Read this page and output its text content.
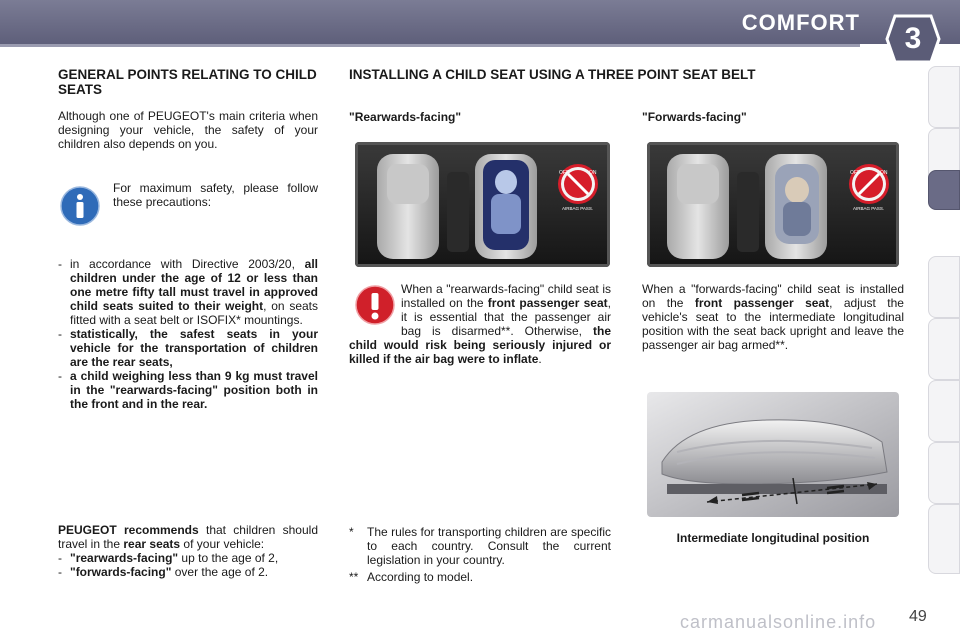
COMFORT	3
GENERAL POINTS RELATING TO CHILD SEATS
Although one of PEUGEOT's main criteria when designing your vehicle, the safety of your children also depends on you.
For maximum safety, please follow these precautions:
- in accordance with Directive 2003/20, all children under the age of 12 or less than one metre fifty tall must travel in approved child seats suited to their weight, on seats fitted with a seat belt or ISOFIX* mountings.
- statistically, the safest seats in your vehicle for the transportation of children are the rear seats,
- a child weighing less than 9 kg must travel in the "rearwards-facing" position both in the front and in the rear.
PEUGEOT recommends that children should travel in the rear seats of your vehicle:
- "rearwards-facing" up to the age of 2,
- "forwards-facing" over the age of 2.
INSTALLING A CHILD SEAT USING A THREE POINT SEAT BELT
"Rearwards-facing"	"Forwards-facing"
OFF	ON
AIRBAG PASS.
OFF	ON
AIRBAG PASS.
When a "rearwards-facing" child seat is installed on the front passenger seat, it is essential that the passenger air bag is disarmed**. Otherwise, the child would risk being seriously injured or killed if the air bag were to inflate.
When a "forwards-facing" child seat is installed on the front passenger seat, adjust the vehicle's seat to the intermediate longitudinal position with the seat back upright and leave the passenger air bag armed**.
Intermediate longitudinal position
* The rules for transporting children are specific to each country. Consult the current legislation in your country.
** According to model.
carmanualsonline.info 49
